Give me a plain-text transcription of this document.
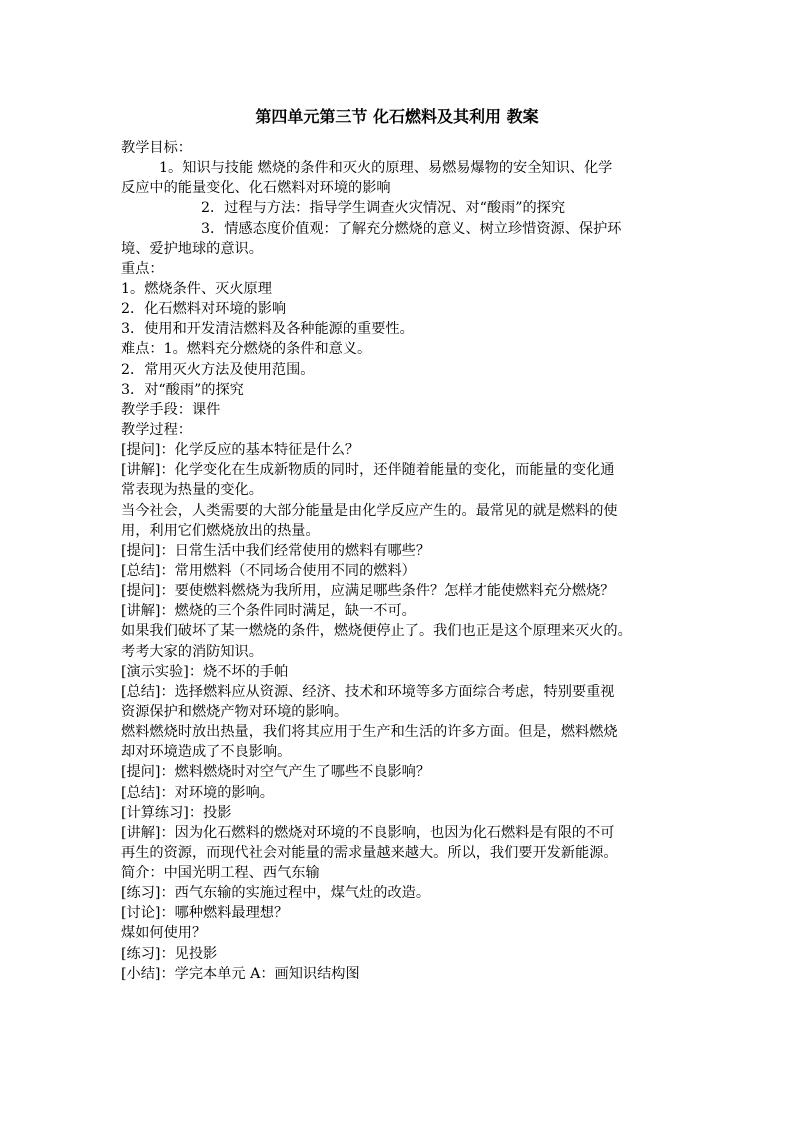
第四单元第三节 化石燃料及其利用 教案
教学目标：
1。知识与技能 燃烧的条件和灭火的原理、易燃易爆物的安全知识、化学
反应中的能量变化、化石燃料对环境的影响
2．过程与方法：指导学生调查火灾情况、对“酸雨”的探究
3．情感态度价值观：了解充分燃烧的意义、树立珍惜资源、保护环
境、爱护地球的意识。
重点：
1。燃烧条件、灭火原理
2．化石燃料对环境的影响
3．使用和开发清洁燃料及各种能源的重要性。
难点：1。燃料充分燃烧的条件和意义。
2．常用灭火方法及使用范围。
3．对“酸雨”的探究
教学手段：课件
教学过程：
[提问]：化学反应的基本特征是什么？
[讲解]：化学变化在生成新物质的同时，还伴随着能量的变化，而能量的变化通
常表现为热量的变化。
当今社会，人类需要的大部分能量是由化学反应产生的。最常见的就是燃料的使
用，利用它们燃烧放出的热量。
[提问]：日常生活中我们经常使用的燃料有哪些？
[总结]：常用燃料（不同场合使用不同的燃料）
[提问]：要使燃料燃烧为我所用，应满足哪些条件？怎样才能使燃料充分燃烧？
[讲解]：燃烧的三个条件同时满足，缺一不可。
如果我们破坏了某一燃烧的条件，燃烧便停止了。我们也正是这个原理来灭火的。
考考大家的消防知识。
[演示实验]：烧不坏的手帕
[总结]：选择燃料应从资源、经济、技术和环境等多方面综合考虑，特别要重视
资源保护和燃烧产物对环境的影响。
燃料燃烧时放出热量，我们将其应用于生产和生活的许多方面。但是，燃料燃烧
却对环境造成了不良影响。
[提问]：燃料燃烧时对空气产生了哪些不良影响？
[总结]：对环境的影响。
[计算练习]：投影
[讲解]：因为化石燃料的燃烧对环境的不良影响，也因为化石燃料是有限的不可
再生的资源，而现代社会对能量的需求量越来越大。所以，我们要开发新能源。
简介：中国光明工程、西气东输
[练习]：西气东输的实施过程中，煤气灶的改造。
[讨论]：哪种燃料最理想？
煤如何使用？
[练习]：见投影
[小结]：学完本单元 A：画知识结构图
